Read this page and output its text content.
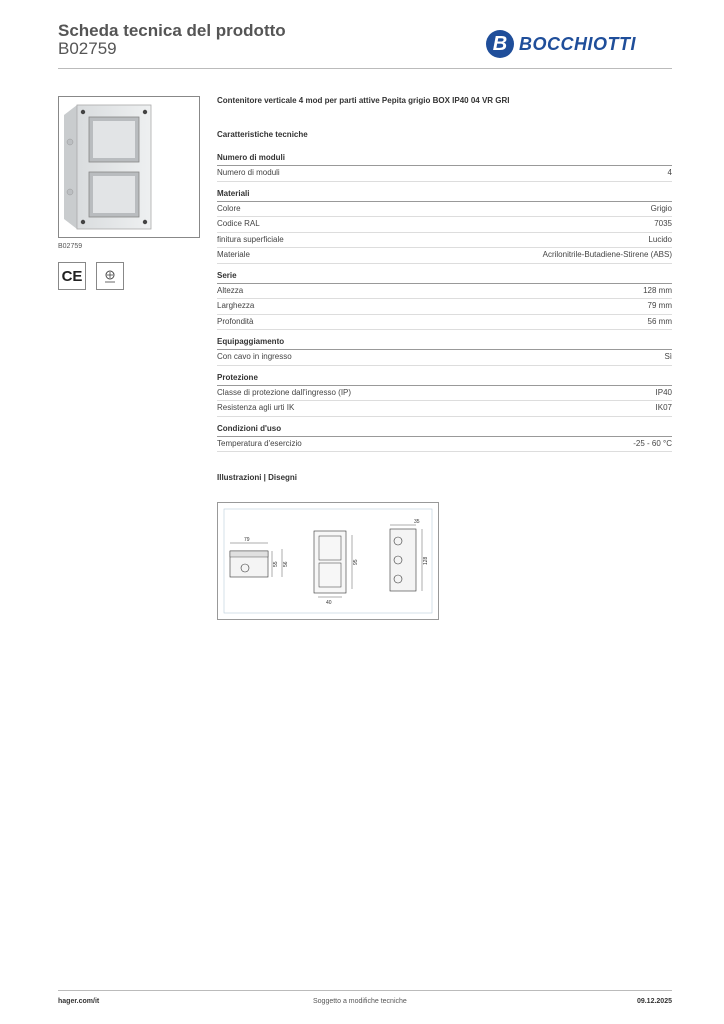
Scheda tecnica del prodotto
B02759	B BOCCHIOTTI
B02759
CE
Contenitore verticale 4 mod per parti attive Pepita grigio BOX IP40 04 VR GRI
Caratteristiche tecniche
Numero di moduli
Numero di moduli	4
Materiali
Colore	Grigio
Codice RAL	7035
finitura superficiale	Lucido
Materiale	Acrilonitrile-Butadiene-Stirene (ABS)
Serie
Altezza	128 mm
Larghezza	79 mm
Profondità	56 mm
Equipaggiamento
Con cavo in ingresso	Sì
Protezione
Classe di protezione dall'ingresso (IP)	IP40
Resistenza agli urti IK	IK07
Condizioni d'uso
Temperatura d'esercizio	-25 - 60 °C
Illustrazioni | Disegni
79
55 56	95
40
35
128
hager.com/it	Soggetto a modifiche tecniche	09.12.2025
